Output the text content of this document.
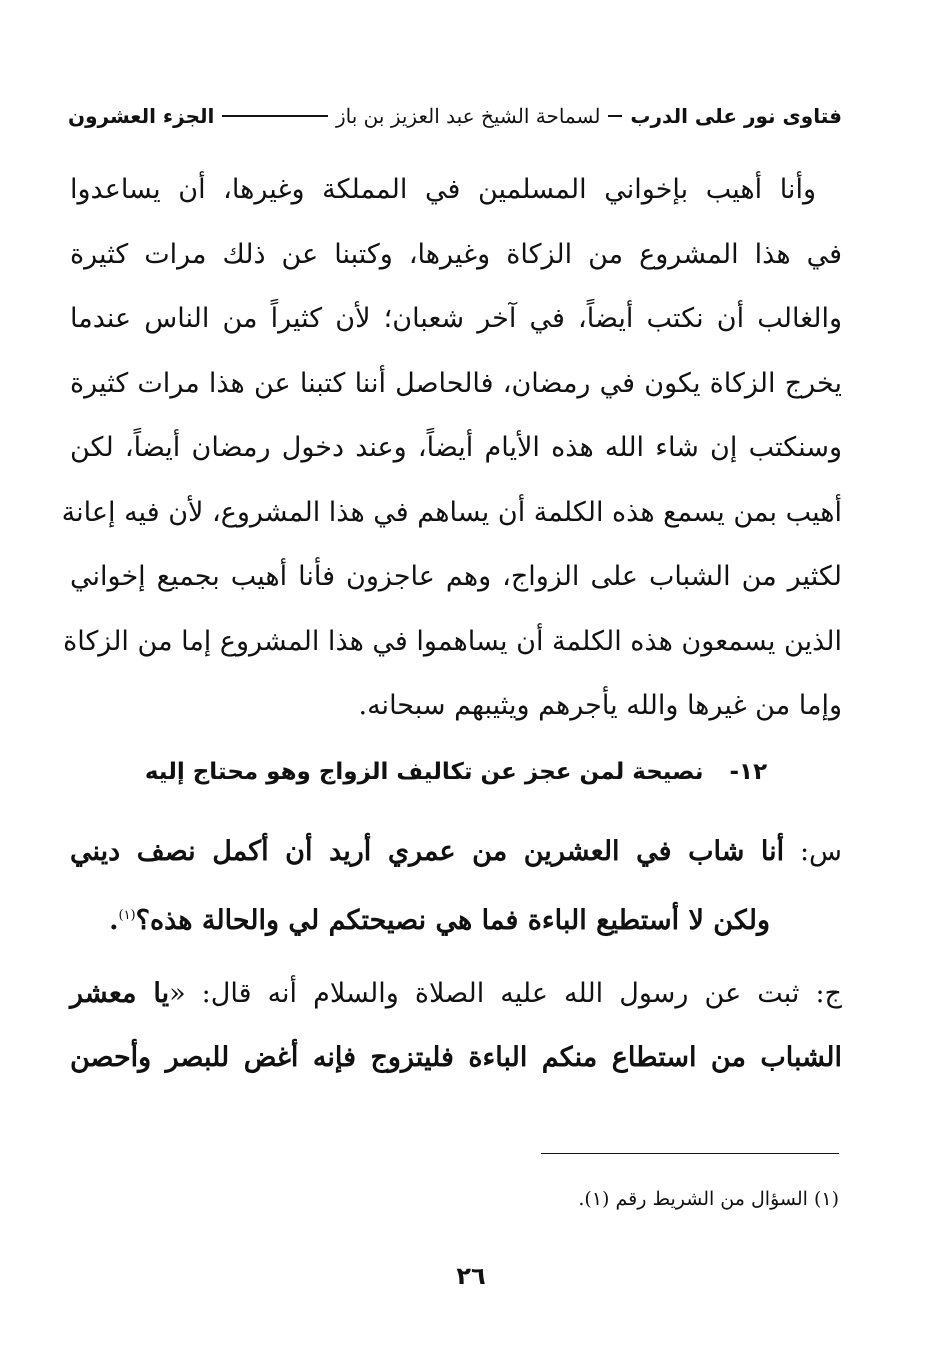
فتاوى نور على الدرب
لسماحة الشيخ عبد العزيز بن باز
الجزء العشرون
وأنا أهيب بإخواني المسلمين في المملكة وغيرها، أن يساعدوا
في هذا المشروع من الزكاة وغيرها، وكتبنا عن ذلك مرات كثيرة
والغالب أن نكتب أيضاً، في آخر شعبان؛ لأن كثيراً من الناس عندما
يخرج الزكاة يكون في رمضان، فالحاصل أننا كتبنا عن هذا مرات كثيرة
وسنكتب إن شاء الله هذه الأيام أيضاً، وعند دخول رمضان أيضاً، لكن
أهيب بمن يسمع هذه الكلمة أن يساهم في هذا المشروع، لأن فيه إعانة
لكثير من الشباب على الزواج، وهم عاجزون فأنا أهيب بجميع إخواني
الذين يسمعون هذه الكلمة أن يساهموا في هذا المشروع إما من الزكاة
وإما من غيرها والله يأجرهم ويثيبهم سبحانه.
١٢- نصيحة لمن عجز عن تكاليف الزواج وهو محتاج إليه
س: أنا شاب في العشرين من عمري أريد أن أكمل نصف ديني
ولكن لا أستطيع الباءة فما هي نصيحتكم لي والحالة هذه؟$^{(١)}$.
ج: ثبت عن رسول الله عليه الصلاة والسلام أنه قال: «يا معشر
الشباب من استطاع منكم الباءة فليتزوج فإنه أغض للبصر وأحصن
(١) السؤال من الشريط رقم (١).
٢٦
